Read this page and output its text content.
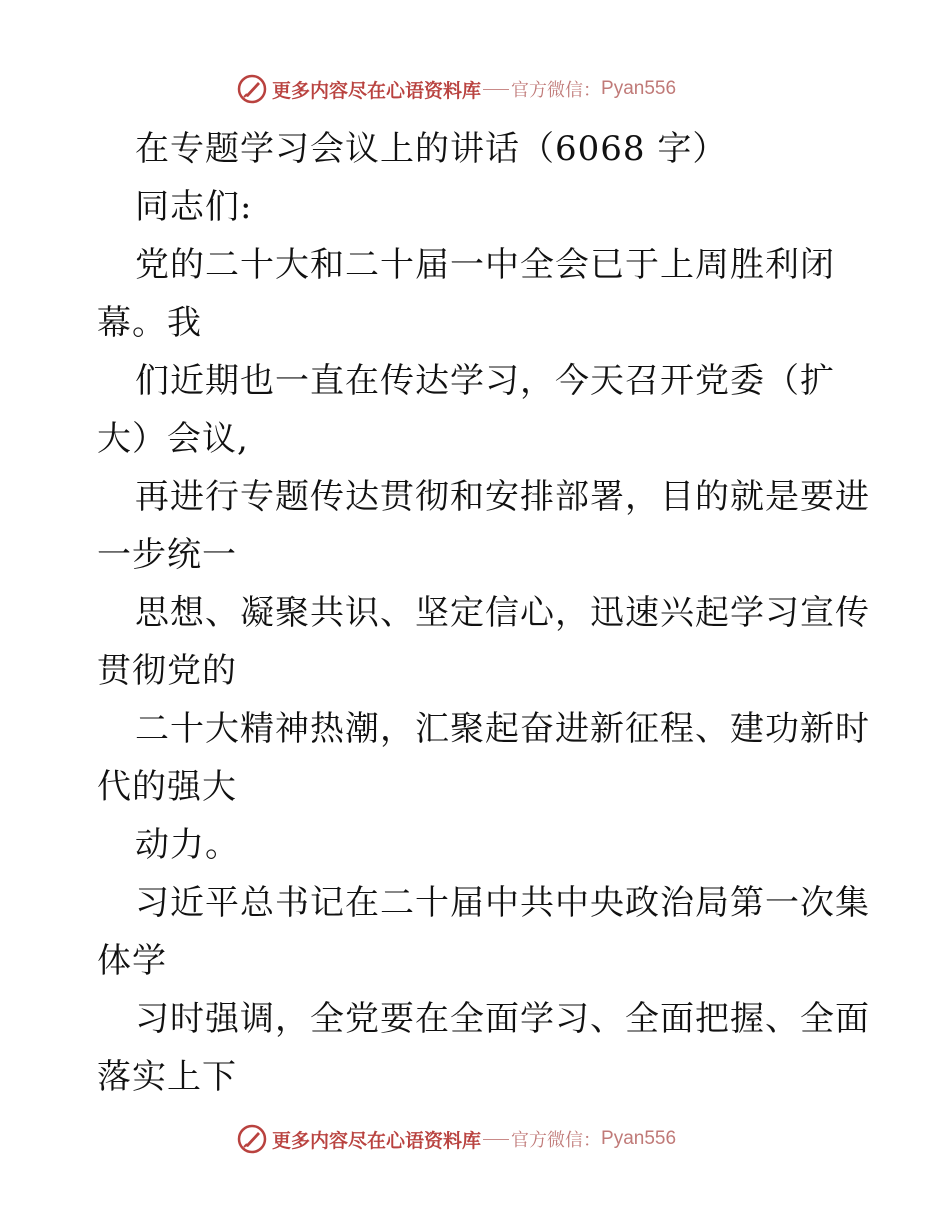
更多内容尽在心语资料库 官方微信： Pyan556
在专题学习会议上的讲话（6068 字）
同志们:
党的二十大和二十届一中全会已于上周胜利闭
幕。我
们近期也一直在传达学习，今天召开党委（扩
大）会议,
再进行专题传达贯彻和安排部署，目的就是要进
一步统一
思想、凝聚共识、坚定信心，迅速兴起学习宣传
贯彻党的
二十大精神热潮，汇聚起奋进新征程、建功新时
代的强大
动力。
习近平总书记在二十届中共中央政治局第一次集
体学
习时强调，全党要在全面学习、全面把握、全面
落实上下
更多内容尽在心语资料库 官方微信： Pyan556
